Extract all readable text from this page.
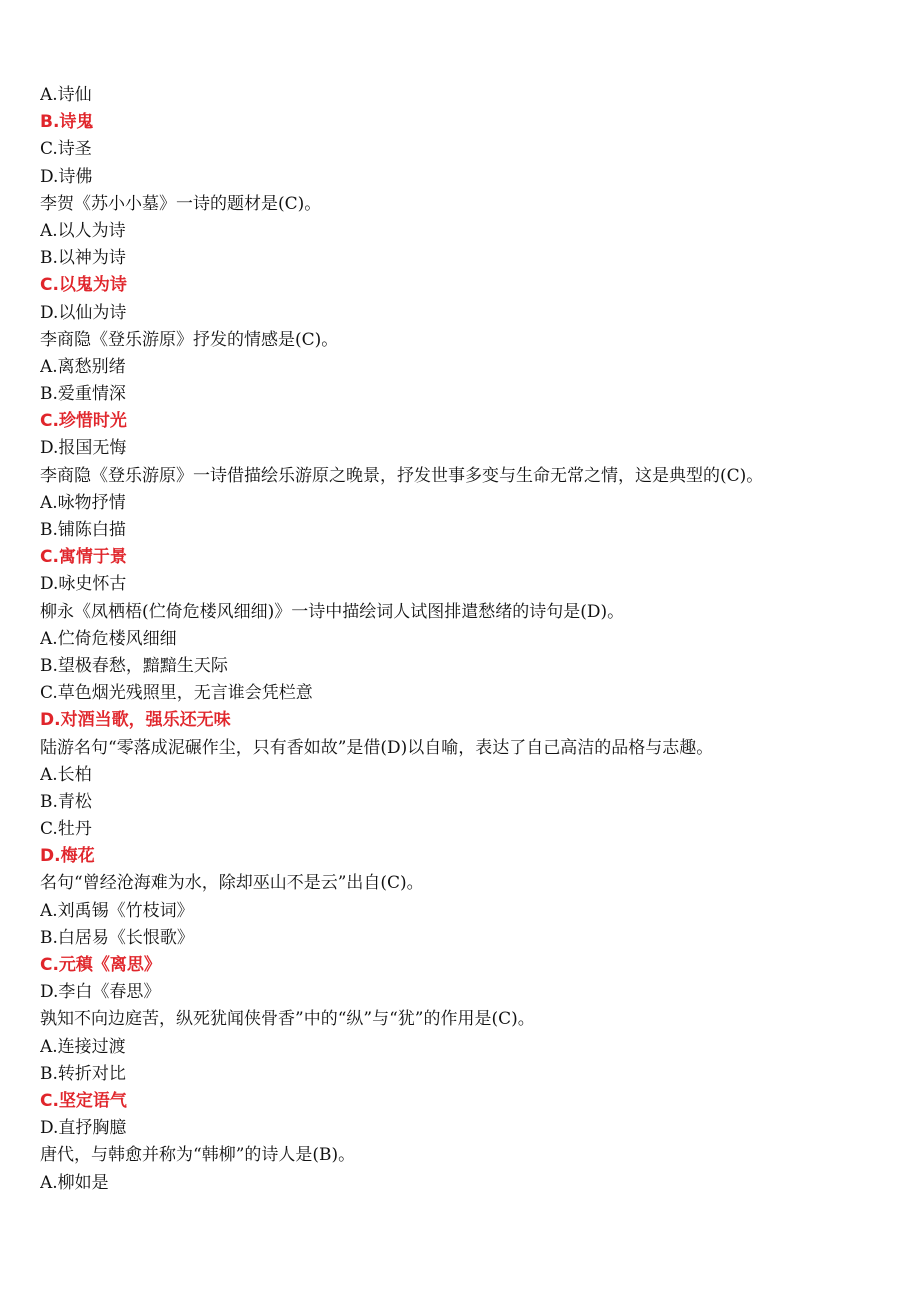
A.诗仙
B.诗鬼
C.诗圣
D.诗佛
李贺《苏小小墓》一诗的题材是(C)。
A.以人为诗
B.以神为诗
C.以鬼为诗
D.以仙为诗
李商隐《登乐游原》抒发的情感是(C)。
A.离愁别绪
B.爱重情深
C.珍惜时光
D.报国无悔
李商隐《登乐游原》一诗借描绘乐游原之晚景，抒发世事多变与生命无常之情，这是典型的(C)。
A.咏物抒情
B.铺陈白描
C.寓情于景
D.咏史怀古
柳永《凤栖梧(伫倚危楼风细细)》一诗中描绘词人试图排遣愁绪的诗句是(D)。
A.伫倚危楼风细细
B.望极春愁，黯黯生天际
C.草色烟光残照里，无言谁会凭栏意
D.对酒当歌，强乐还无味
陆游名句“零落成泥碾作尘，只有香如故”是借(D)以自喻，表达了自己高洁的品格与志趣。
A.长柏
B.青松
C.牡丹
D.梅花
名句“曾经沧海难为水，除却巫山不是云”出自(C)。
A.刘禹锡《竹枝词》
B.白居易《长恨歌》
C.元稹《离思》
D.李白《春思》
孰知不向边庭苦，纵死犹闻侠骨香”中的“纵”与“犹”的作用是(C)。
A.连接过渡
B.转折对比
C.坚定语气
D.直抒胸臆
唐代，与韩愈并称为“韩柳”的诗人是(B)。
A.柳如是
